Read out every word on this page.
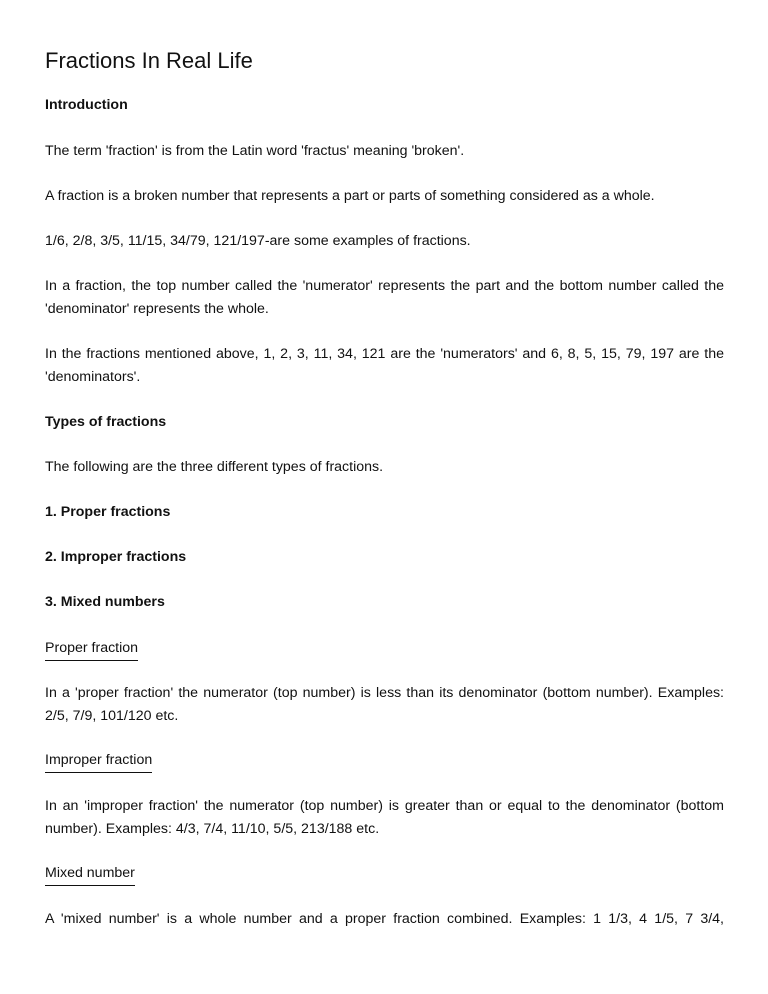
Fractions In Real Life
Introduction
The term 'fraction' is from the Latin word 'fractus' meaning 'broken'.
A fraction is a broken number that represents a part or parts of something considered as a whole.
1/6, 2/8, 3/5, 11/15, 34/79, 121/197-are some examples of fractions.
In a fraction, the top number called the 'numerator' represents the part and the bottom number called the 'denominator' represents the whole.
In the fractions mentioned above, 1, 2, 3, 11, 34, 121 are the 'numerators' and 6, 8, 5, 15, 79, 197 are the 'denominators'.
Types of fractions
The following are the three different types of fractions.
1. Proper fractions
2. Improper fractions
3. Mixed numbers
Proper fraction
In a 'proper fraction' the numerator (top number) is less than its denominator (bottom number). Examples: 2/5, 7/9, 101/120 etc.
Improper fraction
In an 'improper fraction' the numerator (top number) is greater than or equal to the denominator (bottom number). Examples: 4/3, 7/4, 11/10, 5/5, 213/188 etc.
Mixed number
A 'mixed number' is a whole number and a proper fraction combined. Examples: 1 1/3, 4 1/5, 7 3/4,
